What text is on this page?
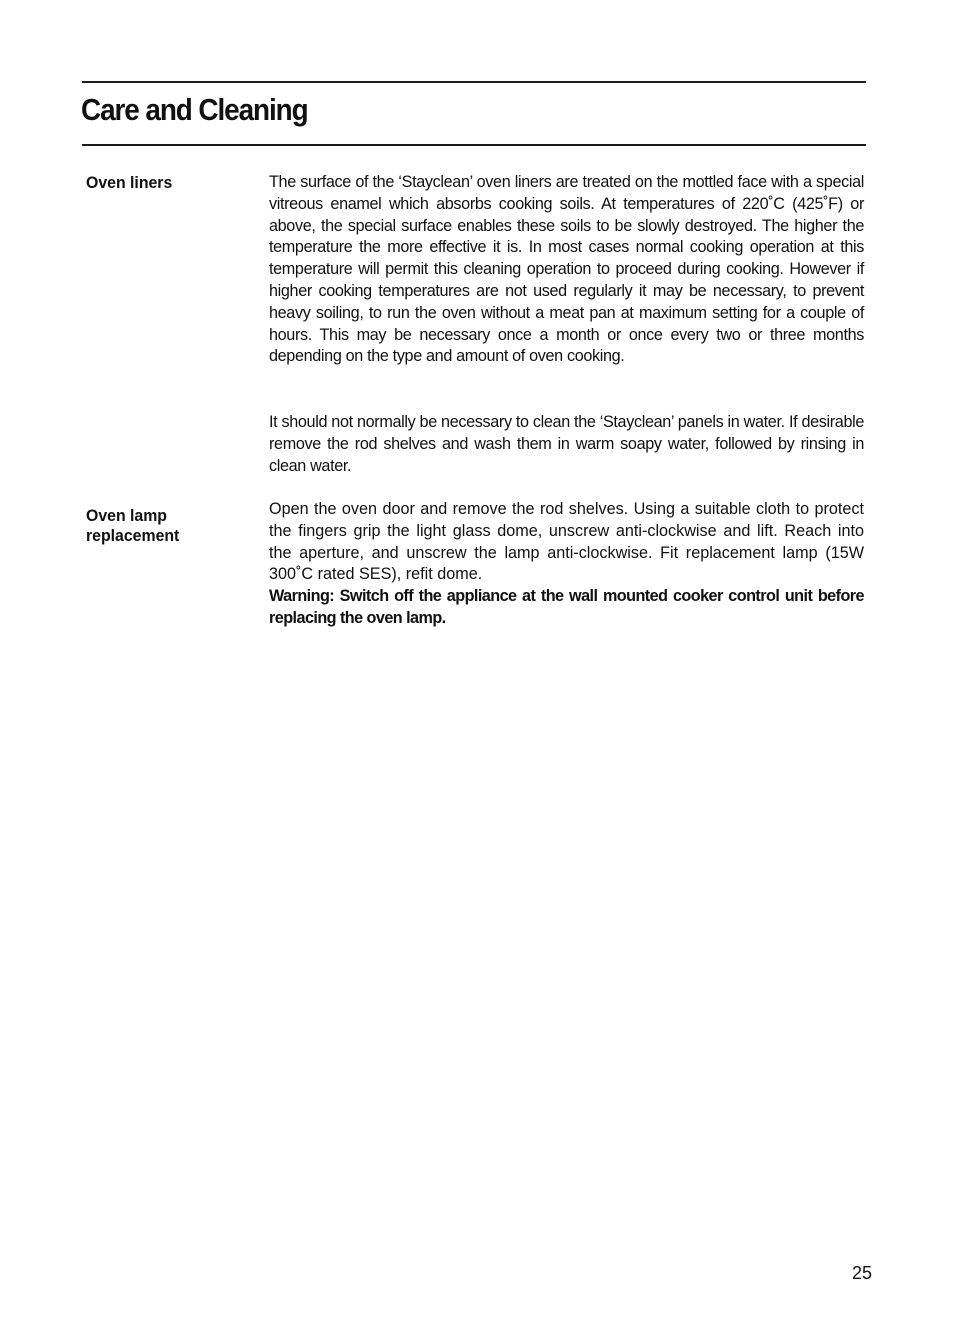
Care and Cleaning
Oven liners	The surface of the ‘Stayclean’ oven liners are treated on the mottled face with a special vitreous enamel which absorbs cooking soils. At temperatures of 220˚C (425˚F) or above, the special surface enables these soils to be slowly destroyed. The higher the temperature the more effective it is. In most cases normal cooking operation at this temperature will permit this cleaning operation to proceed during cooking. However if higher cooking temperatures are not used regularly it may be necessary, to prevent heavy soiling, to run the oven without a meat pan at maximum setting for a couple of hours. This may be necessary once a month or once every two or three months depending on the type and amount of oven cooking.

It should not normally be necessary to clean the ‘Stayclean’ panels in water. If desirable remove the rod shelves and wash them in warm soapy water, followed by rinsing in clean water.

Oven lamp replacement

Open the oven door and remove the rod shelves. Using a suitable cloth to protect the fingers grip the light glass dome, unscrew anti-clockwise and lift. Reach into the aperture, and unscrew the lamp anti-clockwise. Fit replacement lamp (15W 300˚C rated SES), refit dome.

Warning: Switch off the appliance at the wall mounted cooker control unit before replacing the oven lamp.

25
